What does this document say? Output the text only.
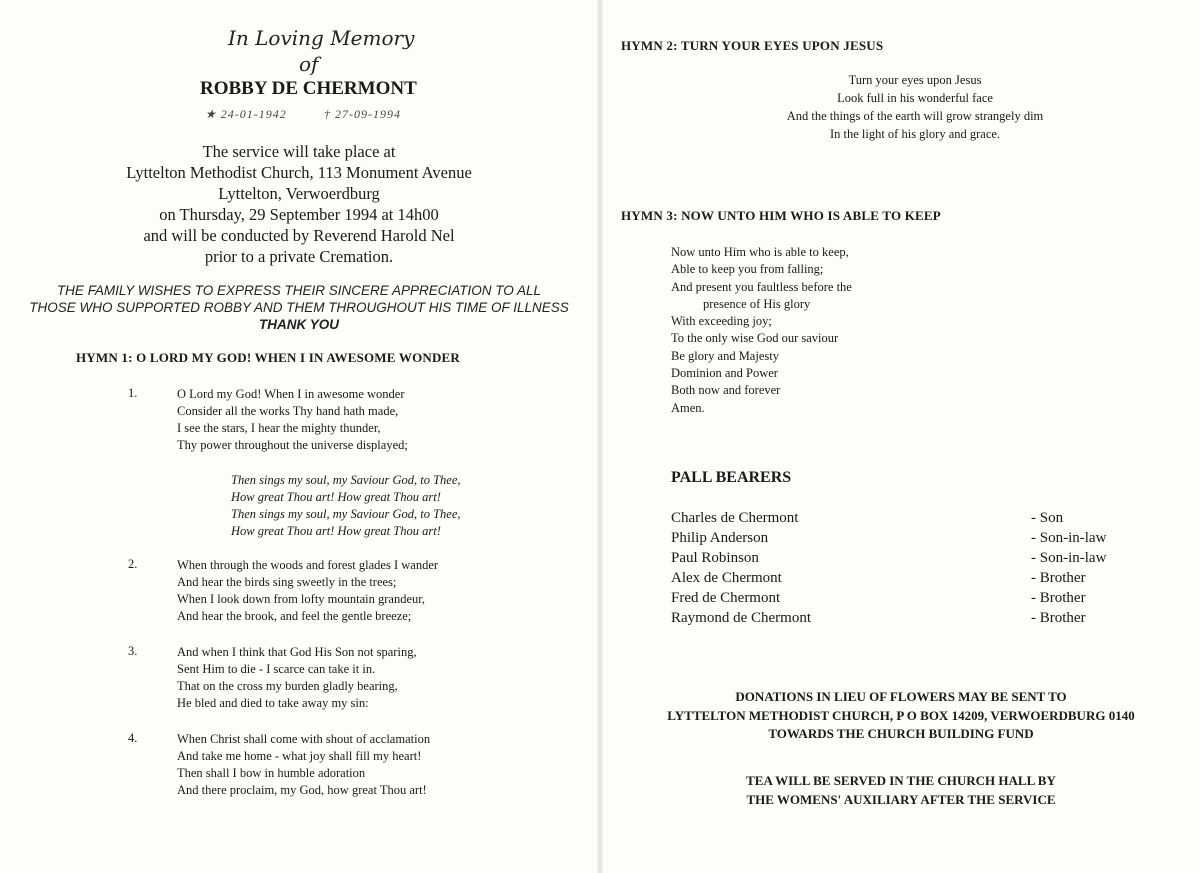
In Loving Memory
of
ROBBY DE CHERMONT
★ 24-01-1942	† 27-09-1994
The service will take place at
Lyttelton Methodist Church, 113 Monument Avenue
Lyttelton, Verwoerdburg
on Thursday, 29 September 1994 at 14h00
and will be conducted by Reverend Harold Nel
prior to a private Cremation.
THE FAMILY WISHES TO EXPRESS THEIR SINCERE APPRECIATION TO ALL
THOSE WHO SUPPORTED ROBBY AND THEM THROUGHOUT HIS TIME OF ILLNESS
THANK YOU
HYMN 1: O LORD MY GOD! WHEN I IN AWESOME WONDER
1.	O Lord my God! When I in awesome wonder
Consider all the works Thy hand hath made,
I see the stars, I hear the mighty thunder,
Thy power throughout the universe displayed;
Then sings my soul, my Saviour God, to Thee,
How great Thou art! How great Thou art!
Then sings my soul, my Saviour God, to Thee,
How great Thou art! How great Thou art!
2.	When through the woods and forest glades I wander
And hear the birds sing sweetly in the trees;
When I look down from lofty mountain grandeur,
And hear the brook, and feel the gentle breeze;
3.	And when I think that God His Son not sparing,
Sent Him to die - I scarce can take it in.
That on the cross my burden gladly bearing,
He bled and died to take away my sin:
4.	When Christ shall come with shout of acclamation
And take me home - what joy shall fill my heart!
Then shall I bow in humble adoration
And there proclaim, my God, how great Thou art!
HYMN 2: TURN YOUR EYES UPON JESUS
Turn your eyes upon Jesus
Look full in his wonderful face
And the things of the earth will grow strangely dim
In the light of his glory and grace.
HYMN 3: NOW UNTO HIM WHO IS ABLE TO KEEP
Now unto Him who is able to keep,
Able to keep you from falling;
And present you faultless before the
presence of His glory
With exceeding joy;
To the only wise God our saviour
Be glory and Majesty
Dominion and Power
Both now and forever
Amen.
PALL BEARERS
Charles de Chermont	- Son
Philip Anderson	- Son-in-law
Paul Robinson	- Son-in-law
Alex de Chermont	- Brother
Fred de Chermont	- Brother
Raymond de Chermont	- Brother
DONATIONS IN LIEU OF FLOWERS MAY BE SENT TO
LYTTELTON METHODIST CHURCH, P O BOX 14209, VERWOERDBURG 0140
TOWARDS THE CHURCH BUILDING FUND
TEA WILL BE SERVED IN THE CHURCH HALL BY
THE WOMENS' AUXILIARY AFTER THE SERVICE
